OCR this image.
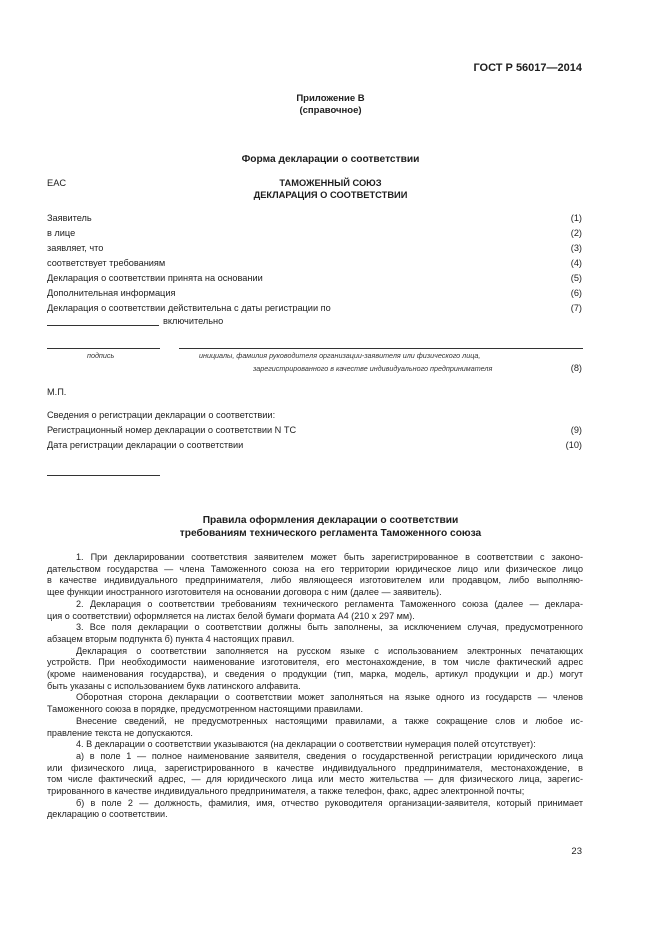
ГОСТ Р 56017—2014
Приложение В
(справочное)
Форма декларации о соответствии
EAC	ТАМОЖЕННЫЙ СОЮЗ
ДЕКЛАРАЦИЯ О СООТВЕТСТВИИ
Заявитель	(1)
в лице	(2)
заявляет, что	(3)
соответствует требованиям	(4)
Декларация о соответствии принята на основании	(5)
Дополнительная информация	(6)
Декларация о соответствии действительна с даты регистрации по	(7)
включительно
подпись	инициалы, фамилия руководителя организации-заявителя или физического лица,
зарегистрированного в качестве индивидуального предпринимателя	(8)
М.П.
Сведения о регистрации декларации о соответствии:
Регистрационный номер декларации о соответствии N ТС	(9)
Дата регистрации декларации о соответствии	(10)
Правила оформления декларации о соответствии
требованиям технического регламента Таможенного союза

1. При декларировании соответствия заявителем может быть зарегистрированное в соответствии с законо-

дательством государства — члена Таможенного союза на его территории юридическое лицо или физическое лицо

в качестве индивидуального предпринимателя, либо являющееся изготовителем или продавцом, либо выполняю-

щее функции иностранного изготовителя на основании договора с ним (далее — заявитель).

2. Декларация о соответствии требованиям технического регламента Таможенного союза (далее — деклара-

ция о соответствии) оформляется на листах белой бумаги формата А4 (210 x 297 мм).

3. Все поля декларации о соответствии должны быть заполнены, за исключением случая, предусмотренного

абзацем вторым подпункта б) пункта 4 настоящих правил.

Декларация о соответствии заполняется на русском языке с использованием электронных печатающих

устройств. При необходимости наименование изготовителя, его местонахождение, в том числе фактический адрес

(кроме наименования государства), и сведения о продукции (тип, марка, модель, артикул продукции и др.) могут

быть указаны с использованием букв латинского алфавита.

Оборотная сторона декларации о соответствии может заполняться на языке одного из государств — членов

Таможенного союза в порядке, предусмотренном настоящими правилами.

Внесение сведений, не предусмотренных настоящими правилами, а также сокращение слов и любое ис-

правление текста не допускаются.

4. В декларации о соответствии указываются (на декларации о соответствии нумерация полей отсутствует):

а) в поле 1 — полное наименование заявителя, сведения о государственной регистрации юридического лица

или физического лица, зарегистрированного в качестве индивидуального предпринимателя, местонахождение, в

том числе фактический адрес, — для юридического лица или место жительства — для физического лица, зарегис-

трированного в качестве индивидуального предпринимателя, а также телефон, факс, адрес электронной почты;

б) в поле 2 — должность, фамилия, имя, отчество руководителя организации-заявителя, который принимает

декларацию о соответствии.

23
